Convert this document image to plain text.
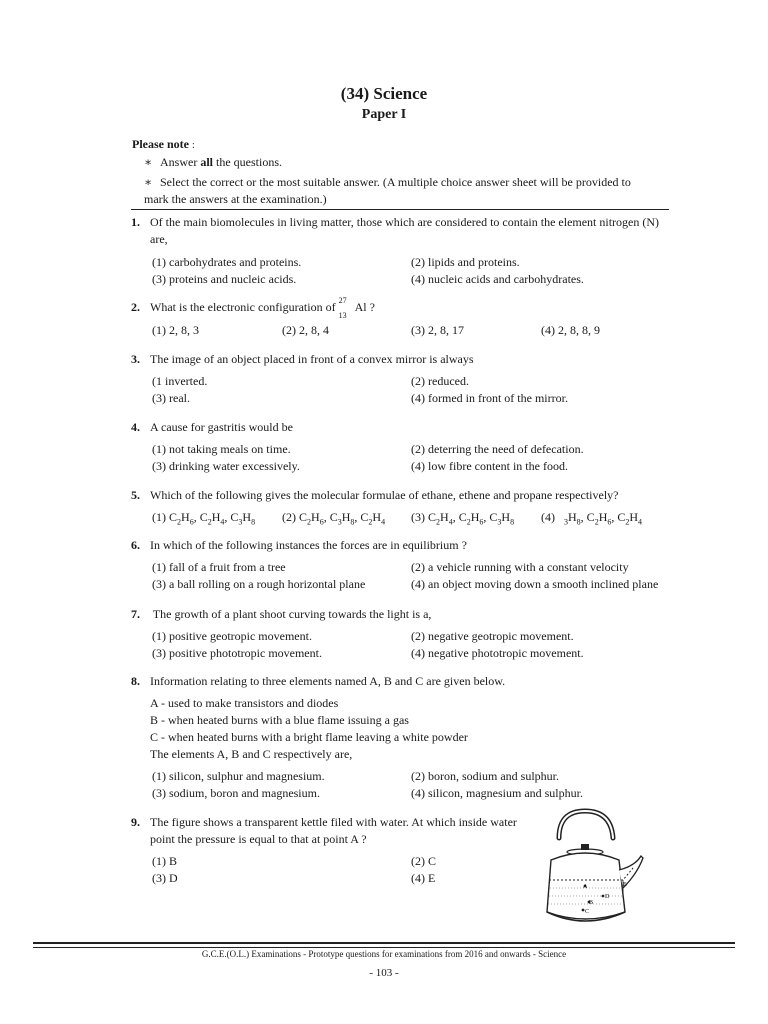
(34) Science
Paper I
Please note :
∗ Answer all the questions.
∗ Select the correct or the most suitable answer. (A multiple choice answer sheet will be provided to
mark the answers at the examination.)
1. Of the main biomolecules in living matter, those which are considered to contain the element nitrogen (N)
are,
(1) carbohydrates and proteins.	(2) lipids and proteins.
(3) proteins and nucleic acids.	(4) nucleic acids and carbohydrates.
2. What is the electronic configuration of 27
13
Al ?
(1) 2, 8, 3	(2) 2, 8, 4	(3) 2, 8, 17	(4) 2, 8, 8, 9
3. The image of an object placed in front of a convex mirror is always
(1 inverted.	(2) reduced.
(3) real.	(4) formed in front of the mirror.
4. A cause for gastritis would be
(1) not taking meals on time.	(2) deterring the need of defecation.
(3) drinking water excessively.	(4) low fibre content in the food.
5. Which of the following gives the molecular formulae of ethane, ethene and propane respectively?
(1) $C_2H_6$, $C_2H_4$, $C_3H_8$ (2) $C_2H_6$, $C_3H_8$, $C_2H_4$ (3) $C_2H_4$, $C_2H_6$, $C_3H_8$ (4) $_3H_8$, $C_2H_6$, $C_2H_4$
6. In which of the following instances the forces are in equilibrium ?
(1) fall of a fruit from a tree	(2) a vehicle running with a constant velocity
(3) a ball rolling on a rough horizontal plane	(4) an object moving down a smooth inclined plane
7. The growth of a plant shoot curving towards the light is a,
(1) positive geotropic movement.	(2) negative geotropic movement.
(3) positive phototropic movement.	(4) negative phototropic movement.
8. Information relating to three elements named A, B and C are given below.
A - used to make transistors and diodes
B - when heated burns with a blue flame issuing a gas
C - when heated burns with a bright flame leaving a white powder
The elements A, B and C respectively are,
(1) silicon, sulphur and magnesium.	(2) boron, sodium and sulphur.
(3) sodium, boron and magnesium.	(4) silicon, magnesium and sulphur.
9. The figure shows a transparent kettle filed with water. At which inside water
point the pressure is equal to that at point A ?
(1) B	(2) C
(3) D	(4) E
A
B
C
D
E
G.C.E.(O.L.) Examinations - Prototype questions for examinations from 2016 and onwards - Science
- 103 -
